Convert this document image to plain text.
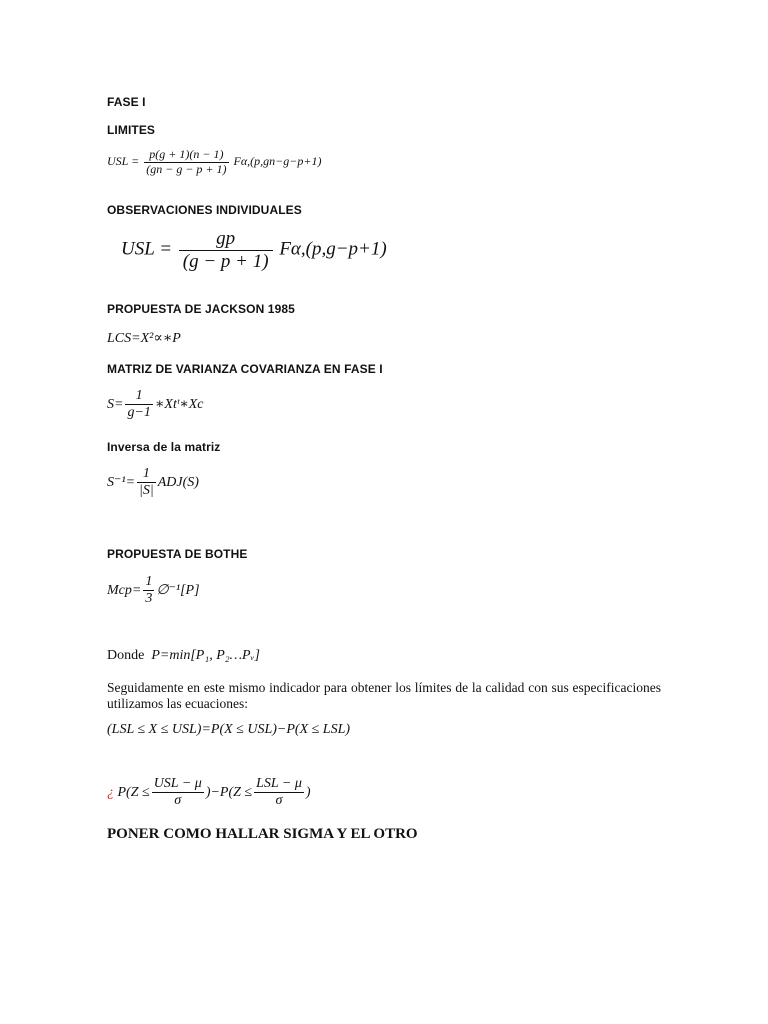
FASE I
LIMITES
USL = $\frac{p(g + 1)(n - 1)}{(gn - g - p + 1)} F\alpha,(p,gn-g-p+1)$
OBSERVACIONES INDIVIDUALES
USL = $\frac{gp}{(g - p + 1)} F\alpha,(p,g-p+1)$
PROPUESTA DE JACKSON 1985
LCS=X²∝∗P
MATRIZ DE VARIANZA COVARIANZA EN FASE I
$S= \frac{1}{g-1}$ ∗Xtᵗ∗Xc
Inversa de la matriz
$S^{-1}= \frac{1}{|S|} ADJ(S)$
PROPUESTA DE BOTHE
$Mcp= \frac{1}{3}$ ∅⁻¹[P]
Donde P=min[P₁, P₂…Pᵥ]
Seguidamente en este mismo indicador para obtener los límites de la calidad con sus especificaciones utilizamos las ecuaciones:
(LSL ≤ X ≤ USL)=P(X ≤ USL)−P(X ≤ LSL)
¿ $P(Z \le \frac{\text{USL − μ}}{\sigma} )-P(Z \le \frac{\text{LSL − μ}}{\sigma}$ )
PONER COMO HALLAR SIGMA Y EL OTRO
